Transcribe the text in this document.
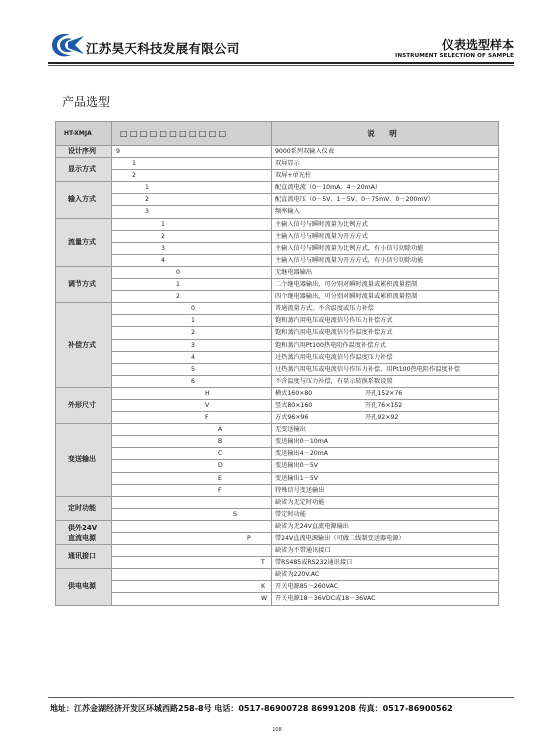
江苏昊天科技发展有限公司	仪表选型样本
INSTRUMENT SELECTION OF SAMPLE
产品选型
HT-XMJA	□□□□□□□□□□□	说 明
设计序列	9	9000系列双输入仪表
显示方式	1	双屏显示
	2	双屏+单光柱
输入方式	1	配直流电流（0－10mA、4－20mA）
	2	配直流电压（0－5V、1－5V、0－75mV、0－200mV）
	3	频率输入
流量方式	1	主输入信号与瞬时流量为比例方式
	2	主输入信号与瞬时流量为开方方式
	3	主输入信号与瞬时流量为比例方式，有小信号切除功能
	4	主输入信号与瞬时流量为开方方式，有小信号切除功能
调节方式	0	无继电器输出
	1	二个继电器输出，可分别对瞬时流量或累积流量控制
	2	四个继电器输出，可分别对瞬时流量或累积流量控制
补偿方式	0	普通流量方式，不含温度或压力补偿
	1	饱和蒸汽用电压或电流信号作压力补偿方式
	2	饱和蒸汽用电压或电流信号作温度补偿方式
	3	饱和蒸汽用Pt100热电阻作温度补偿方式
	4	过热蒸汽用电压或电流信号作温度压力补偿
	5	过热蒸汽用电压或电流信号作压力补偿、用Pt100热电阻作温度补偿
	6	不含温度与压力补偿，有显示转换系数设置
外形尺寸	H	横式160×80 开孔152×76
	V	竖式80×160 开孔76×152
	F	方式96×96 开孔92×92
变送输出	A	无变送输出
	B	变送输出0－10mA
	C	变送输出4－20mA
	D	变送输出0－5V
	E	变送输出1－5V
	F	特殊信号变送输出
定时功能		缺省为无定时功能
	S	带定时功能

供外24V
直流电源		缺省为无24V直流电源输出
	P	带24V直流电源输出（可做二线制变送器电源）
通讯接口		缺省为不带通讯接口
	T	带RS485或RS232通讯接口
供电电源		缺省为220V.AC
	K	开关电源85－260VAC
	W	开关电源18－36VDC或18－36VAC
地址：江苏金湖经济开发区环城西路258-8号 电话：0517-86900728 86991208 传真：0517-86900562
108
